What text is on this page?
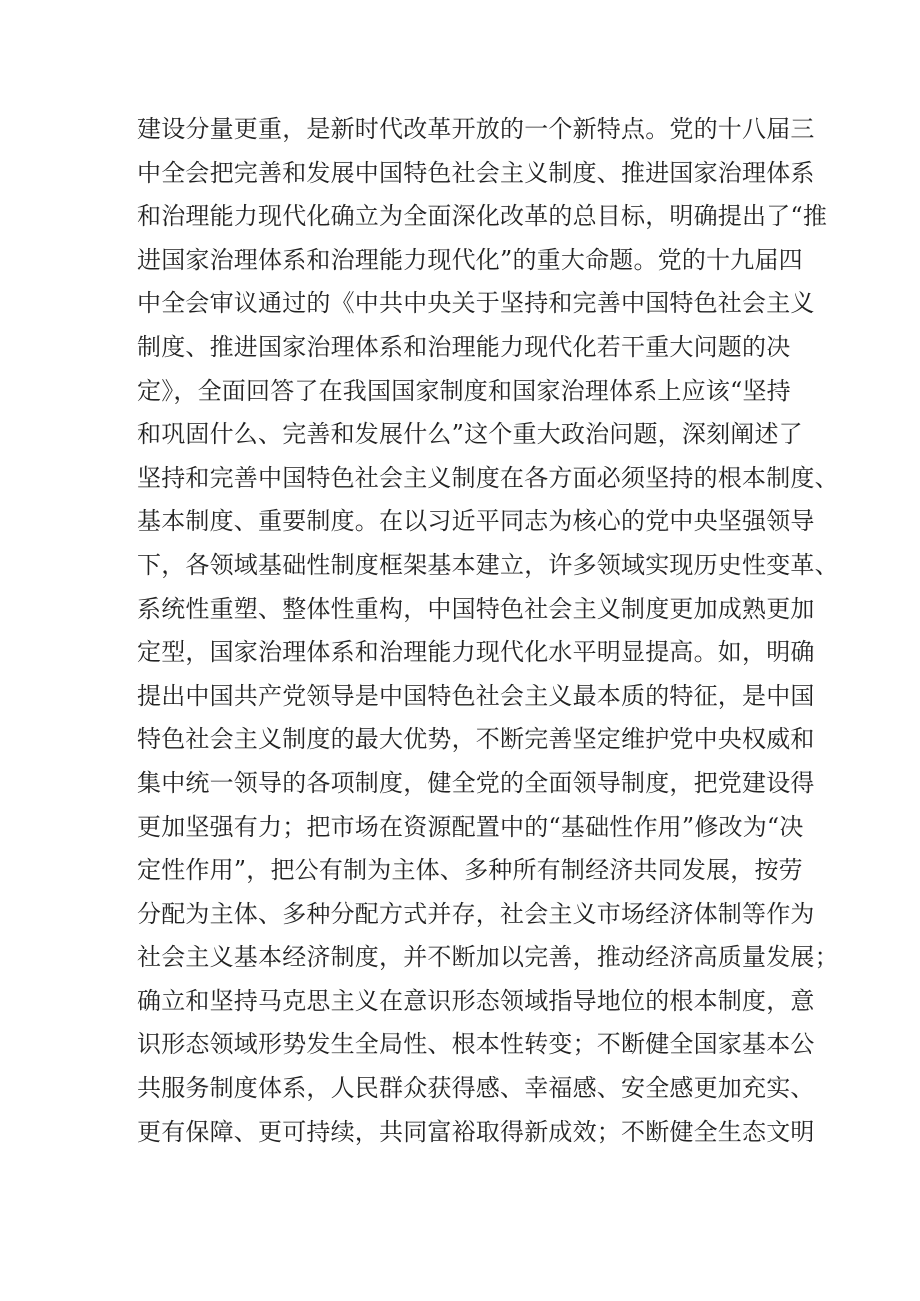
建设分量更重，是新时代改革开放的一个新特点。党的十八届三
中全会把完善和发展中国特色社会主义制度、推进国家治理体系
和治理能力现代化确立为全面深化改革的总目标，明确提出了“推
进国家治理体系和治理能力现代化”的重大命题。党的十九届四
中全会审议通过的《中共中央关于坚持和完善中国特色社会主义
制度、推进国家治理体系和治理能力现代化若干重大问题的决
定》，全面回答了在我国国家制度和国家治理体系上应该“坚持
和巩固什么、完善和发展什么”这个重大政治问题，深刻阐述了
坚持和完善中国特色社会主义制度在各方面必须坚持的根本制度、
基本制度、重要制度。在以习近平同志为核心的党中央坚强领导
下，各领域基础性制度框架基本建立，许多领域实现历史性变革、
系统性重塑、整体性重构，中国特色社会主义制度更加成熟更加
定型，国家治理体系和治理能力现代化水平明显提高。如，明确
提出中国共产党领导是中国特色社会主义最本质的特征，是中国
特色社会主义制度的最大优势，不断完善坚定维护党中央权威和
集中统一领导的各项制度，健全党的全面领导制度，把党建设得
更加坚强有力；把市场在资源配置中的“基础性作用”修改为“决
定性作用”，把公有制为主体、多种所有制经济共同发展，按劳
分配为主体、多种分配方式并存，社会主义市场经济体制等作为
社会主义基本经济制度，并不断加以完善，推动经济高质量发展；
确立和坚持马克思主义在意识形态领域指导地位的根本制度，意
识形态领域形势发生全局性、根本性转变；不断健全国家基本公
共服务制度体系，人民群众获得感、幸福感、安全感更加充实、
更有保障、更可持续，共同富裕取得新成效；不断健全生态文明
